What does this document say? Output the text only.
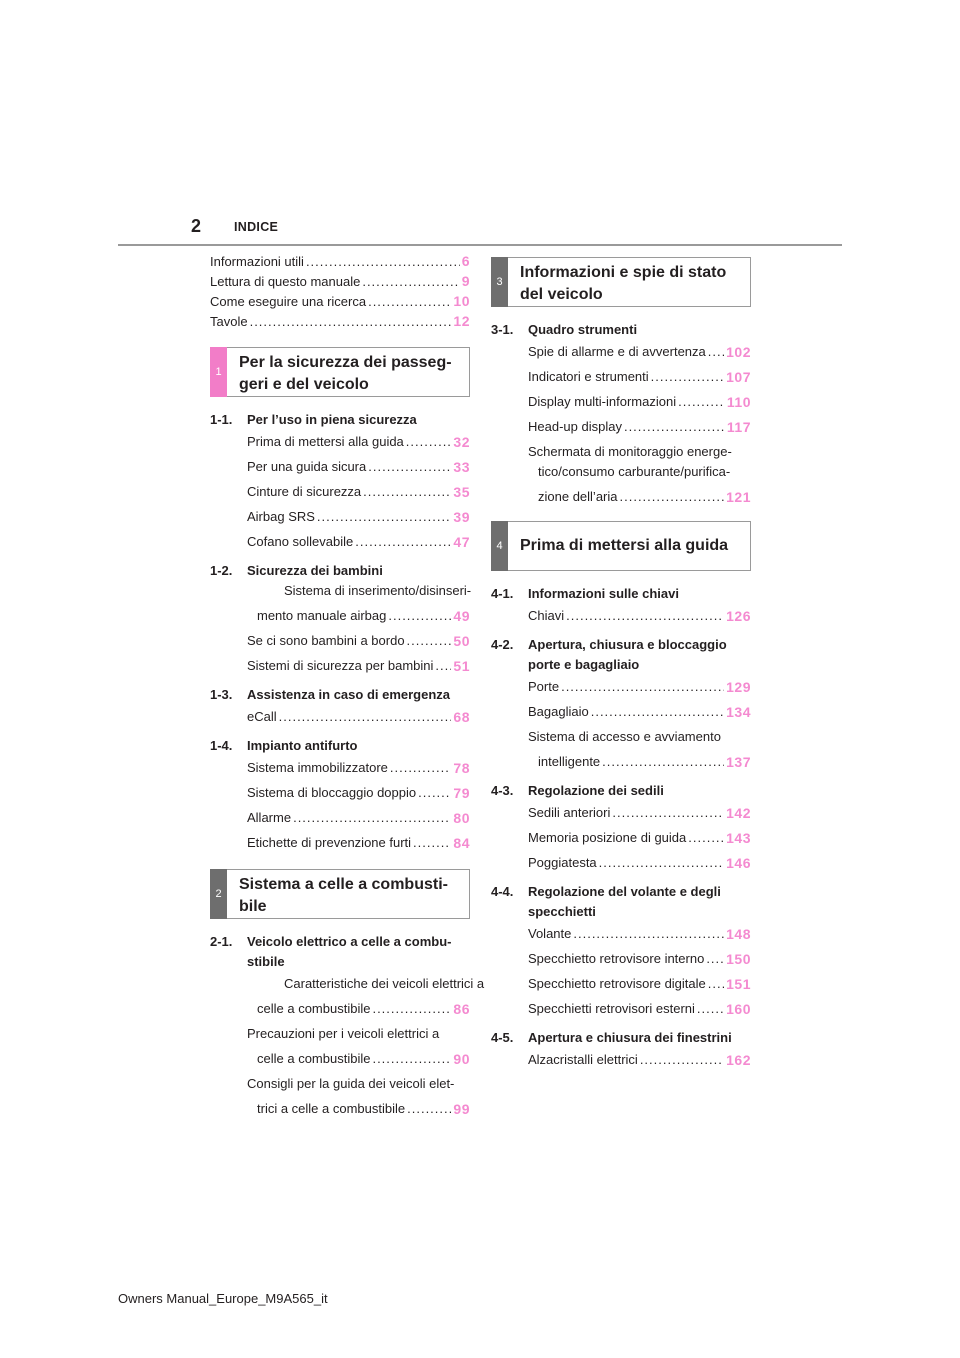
2	INDICE
Informazioni utili .....	6
Lettura di questo manuale .....	9
Come eseguire una ricerca .....	10
Tavole .....	12
1
Per la sicurezza dei passeg-
geri e del veicolo
1-1.	Per l’uso in piena sicurezza
Prima di mettersi alla guida .....	32
Per una guida sicura .....	33
Cinture di sicurezza .....	35
Airbag SRS .....	39
Cofano sollevabile .....	47
1-2.	Sicurezza dei bambini
Sistema di inserimento/disinseri-
mento manuale airbag .....	49
Se ci sono bambini a bordo .....	50
Sistemi di sicurezza per bambini ..... 51
1-3.	Assistenza in caso di emergenza
eCall .....	68
1-4.	Impianto antifurto
Sistema immobilizzatore .....	78
Sistema di bloccaggio doppio .....	79
Allarme .....	80
Etichette di prevenzione furti .....	84
2
Sistema a celle a combusti-
bile
2-1.	Veicolo elettrico a celle a combu-
stibile
Caratteristiche dei veicoli elettrici a
celle a combustibile .....	86
Precauzioni per i veicoli elettrici a
celle a combustibile .....	90
Consigli per la guida dei veicoli elet-
trici a celle a combustibile .....	99
3
Informazioni e spie di stato
del veicolo
3-1.	Quadro strumenti
Spie di allarme e di avvertenza ..... 102
Indicatori e strumenti .....	107
Display multi-informazioni .....	110
Head-up display .....	117
Schermata di monitoraggio energe-
tico/consumo carburante/purifica-
zione dell’aria .....	121
4	Prima di mettersi alla guida
4-1.	Informazioni sulle chiavi
Chiavi .....	126
4-2.	Apertura, chiusura e bloccaggio
porte e bagagliaio
Porte .....	129
Bagagliaio .....	134
Sistema di accesso e avviamento
intelligente .....	137
4-3.	Regolazione dei sedili
Sedili anteriori .....	142
Memoria posizione di guida .....	143
Poggiatesta .....	146
4-4.	Regolazione del volante e degli
specchietti
Volante .....	148
Specchietto retrovisore interno ..... 150
Specchietto retrovisore digitale ..... 151
Specchietti retrovisori esterni ..... 160
4-5.	Apertura e chiusura dei finestrini
Alzacristalli elettrici .....	162
Owners Manual_Europe_M9A565_it
